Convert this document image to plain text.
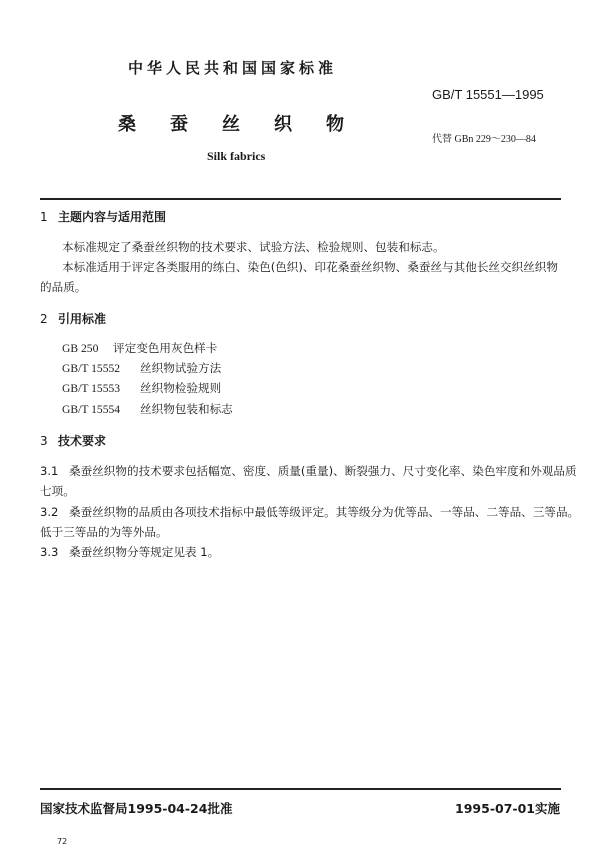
中华人民共和国国家标准
GB/T 15551—1995
桑蚕丝织物
代替 GBn 229～230—84
Silk fabrics
1 主题内容与适用范围
本标准规定了桑蚕丝织物的技术要求、试验方法、检验规则、包装和标志。
本标准适用于评定各类服用的练白、染色(色织)、印花桑蚕丝织物、桑蚕丝与其他长丝交织丝织物
的品质。
2 引用标准
GB 250 评定变色用灰色样卡
GB/T 15552 丝织物试验方法
GB/T 15553 丝织物检验规则
GB/T 15554 丝织物包装和标志
3 技术要求
3.1 桑蚕丝织物的技术要求包括幅宽、密度、质量(重量)、断裂强力、尺寸变化率、染色牢度和外观品质
七项。
3.2 桑蚕丝织物的品质由各项技术指标中最低等级评定。其等级分为优等品、一等品、二等品、三等品。
低于三等品的为等外品。
3.3 桑蚕丝织物分等规定见表 1。
国家技术监督局1995-04-24批准	1995-07-01实施
72
